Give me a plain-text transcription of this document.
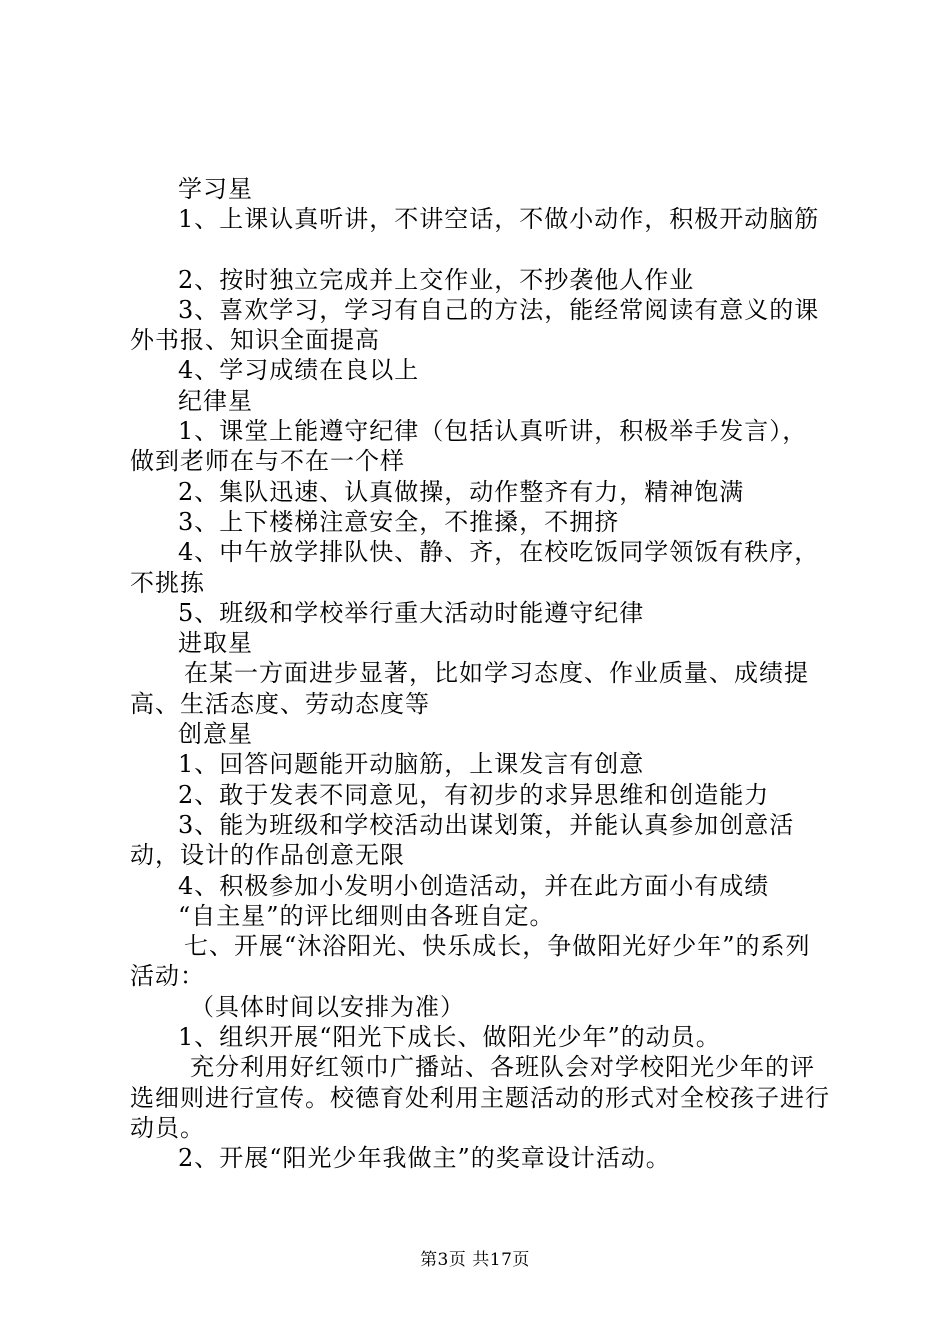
学习星

1、上课认真听讲，不讲空话，不做小动作，积极开动脑筋

2、按时独立完成并上交作业，不抄袭他人作业

3、喜欢学习，学习有自己的方法，能经常阅读有意义的课外书报、知识全面提高

4、学习成绩在良以上

纪律星

1、课堂上能遵守纪律（包括认真听讲，积极举手发言），做到老师在与不在一个样

2、集队迅速、认真做操，动作整齐有力，精神饱满

3、上下楼梯注意安全，不推搡，不拥挤

4、中午放学排队快、静、齐，在校吃饭同学领饭有秩序，不挑拣

5、班级和学校举行重大活动时能遵守纪律

进取星

在某一方面进步显著，比如学习态度、作业质量、成绩提高、生活态度、劳动态度等

创意星

1、回答问题能开动脑筋，上课发言有创意

2、敢于发表不同意见，有初步的求异思维和创造能力

3、能为班级和学校活动出谋划策，并能认真参加创意活动，设计的作品创意无限

4、积极参加小发明小创造活动，并在此方面小有成绩

“自主星”的评比细则由各班自定。

七、开展“沐浴阳光、快乐成长，争做阳光好少年”的系列活动：

（具体时间以安排为准）

1、组织开展“阳光下成长、做阳光少年”的动员。

充分利用好红领巾广播站、各班队会对学校阳光少年的评选细则进行宣传。校德育处利用主题活动的形式对全校孩子进行动员。

2、开展“阳光少年我做主”的奖章设计活动。

第3页 共17页
